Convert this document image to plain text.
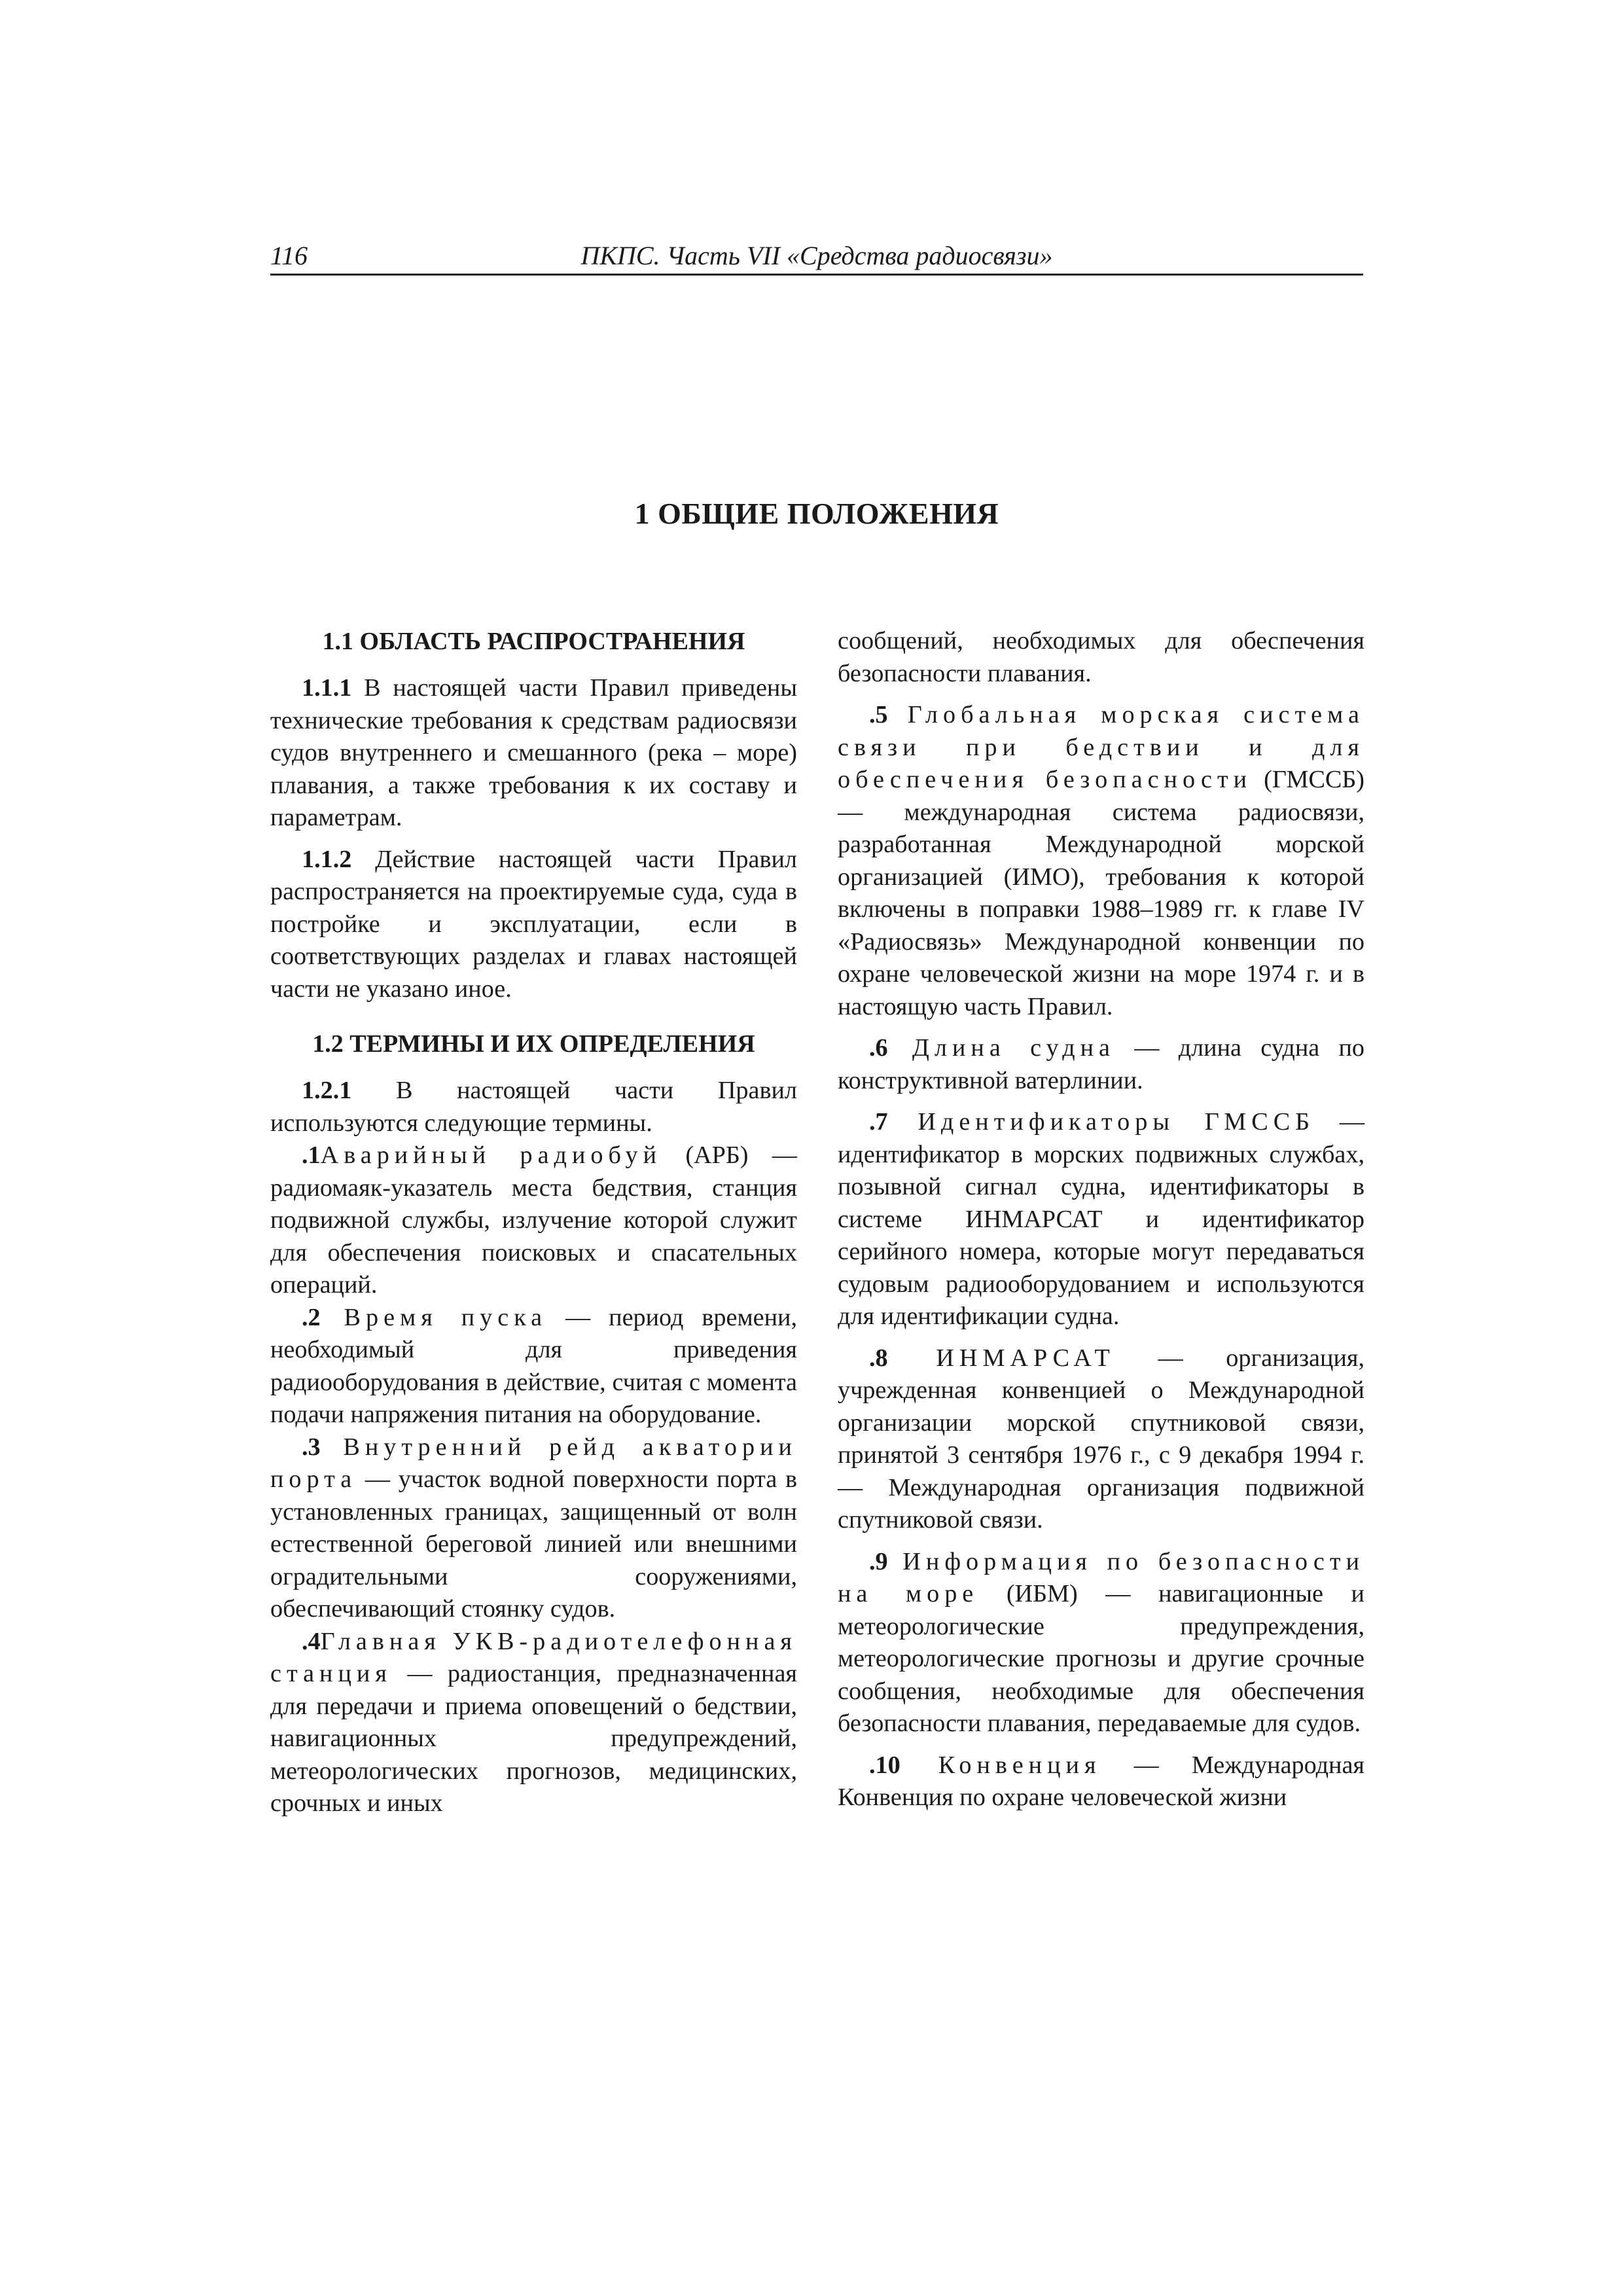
116	ПКПС. Часть VII «Средства радиосвязи»
1 ОБЩИЕ ПОЛОЖЕНИЯ
1.1 ОБЛАСТЬ РАСПРОСТРАНЕНИЯ

1.1.1 В настоящей части Правил приведены технические требования к средствам радиосвязи судов внутреннего и смешанного (река – море) плавания, а также требования к их составу и параметрам.

1.1.2 Действие настоящей части Правил распространяется на проектируемые суда, суда в постройке и эксплуатации, если в соответствующих разделах и главах настоящей части не указано иное.

1.2 ТЕРМИНЫ И ИХ ОПРЕДЕЛЕНИЯ

1.2.1 В настоящей части Правил используются следующие термины.

.1Аварийный радиобуй (АРБ) — радиомаяк-указатель места бедствия, станция подвижной службы, излучение которой служит для обеспечения поисковых и спасательных операций.

.2 Время пуска — период времени, необходимый для приведения радиооборудования в действие, считая с момента подачи напряжения питания на оборудование.

.3 Внутренний рейд акватории порта — участок водной поверхности порта в установленных границах, защищенный от волн естественной береговой линией или внешними оградительными сооружениями, обеспечивающий стоянку судов.

.4Главная УКВ-радиотелефонная станция — радиостанция, предназначенная для передачи и приема оповещений о бедствии, навигационных предупреждений, метеорологических прогнозов, медицинских, срочных и иных

сообщений, необходимых для обеспечения безопасности плавания.

.5 Глобальная морская система связи при бедствии и для обеспечения безопасности (ГМССБ) — международная система радиосвязи, разработанная Международной морской организацией (ИМО), требования к которой включены в поправки 1988–1989 гг. к главе IV «Радиосвязь» Международной конвенции по охране человеческой жизни на море 1974 г. и в настоящую часть Правил.

.6 Длина судна — длина судна по конструктивной ватерлинии.

.7 Идентификаторы ГМССБ — идентификатор в морских подвижных службах, позывной сигнал судна, идентификаторы в системе ИНМАРСАТ и идентификатор серийного номера, которые могут передаваться судовым радиооборудованием и используются для идентификации судна.

.8 ИНМАРСАТ — организация, учрежденная конвенцией о Международной организации морской спутниковой связи, принятой 3 сентября 1976 г., с 9 декабря 1994 г. — Международная организация подвижной спутниковой связи.

.9 Информация по безопасности на море (ИБМ) — навигационные и метеорологические предупреждения, метеорологические прогнозы и другие срочные сообщения, необходимые для обеспечения безопасности плавания, передаваемые для судов.

.10 Конвенция — Международная Конвенция по охране человеческой жизни
